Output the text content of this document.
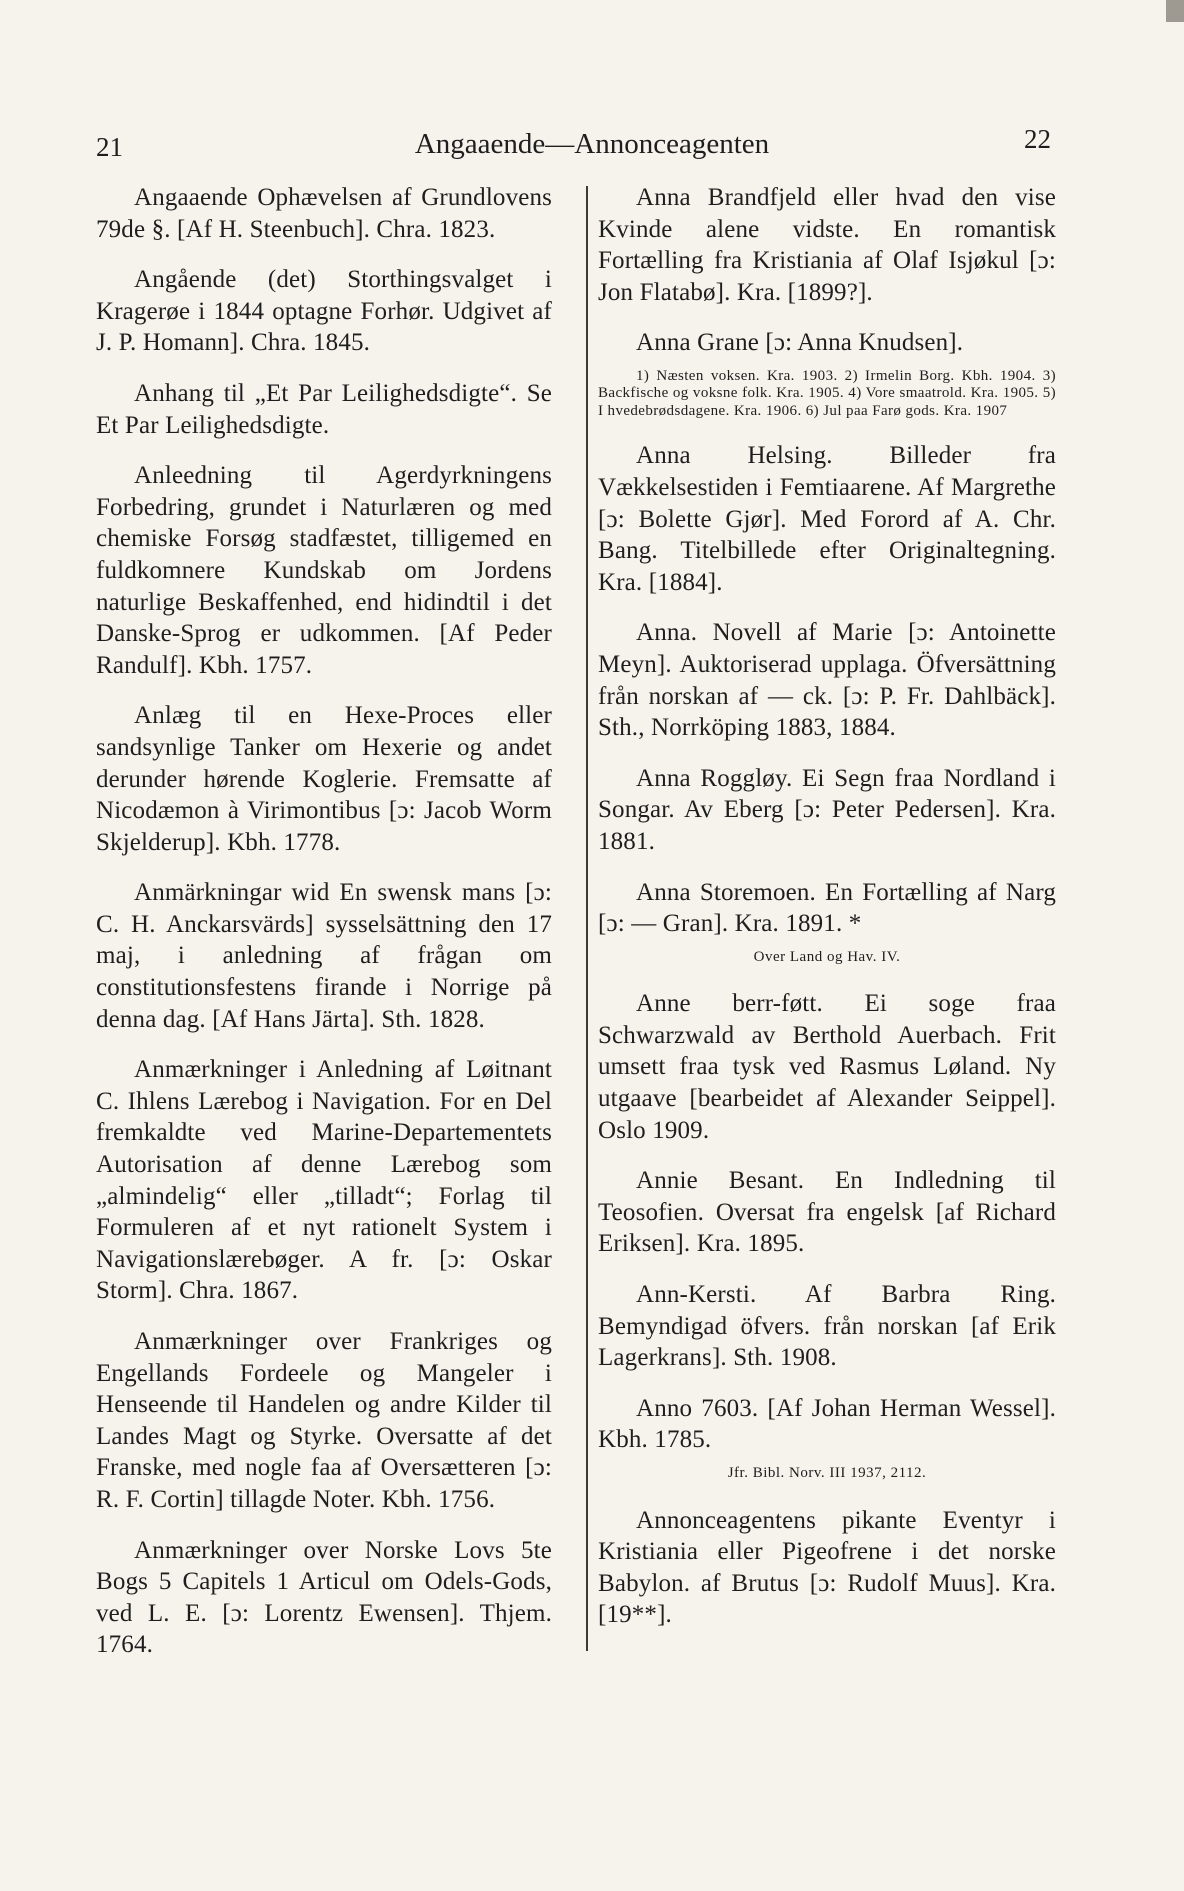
21	Angaaende—Annonceagenten	22

Angaaende Ophævelsen af Grundlovens 79de §. [Af H. Steenbuch]. Chra. 1823.

Angående (det) Storthingsvalget i Kragerøe i 1844 optagne Forhør. Udgivet af J. P. Homann]. Chra. 1845.

Anhang til „Et Par Leilighedsdigte“. Se Et Par Leilighedsdigte.

Anleedning til Agerdyrkningens Forbedring, grundet i Naturlæren og med chemiske Forsøg stadfæstet, tilligemed en fuldkomnere Kundskab om Jordens naturlige Beskaffenhed, end hidindtil i det Danske-Sprog er udkommen. [Af Peder Randulf]. Kbh. 1757.

Anlæg til en Hexe-Proces eller sandsynlige Tanker om Hexerie og andet derunder hørende Koglerie. Fremsatte af Nicodæmon à Virimontibus [ɔ: Jacob Worm Skjelderup]. Kbh. 1778.

Anmärkningar wid En swensk mans [ɔ: C. H. Anckarsvärds] sysselsättning den 17 maj, i anledning af frågan om constitutionsfestens firande i Norrige på denna dag. [Af Hans Järta]. Sth. 1828.

Anmærkninger i Anledning af Løitnant C. Ihlens Lærebog i Navigation. For en Del fremkaldte ved Marine-Departementets Autorisation af denne Lærebog som „almindelig“ eller „tilladt“; Forlag til Formuleren af et nyt rationelt System i Navigationslærebøger. A fr. [ɔ: Oskar Storm]. Chra. 1867.

Anmærkninger over Frankriges og Engellands Fordeele og Mangeler i Henseende til Handelen og andre Kilder til Landes Magt og Styrke. Oversatte af det Franske, med nogle faa af Oversætteren [ɔ: R. F. Cortin] tillagde Noter. Kbh. 1756.

Anmærkninger over Norske Lovs 5te Bogs 5 Capitels 1 Articul om Odels-Gods, ved L. E. [ɔ: Lorentz Ewensen]. Thjem. 1764.

Anna Brandfjeld eller hvad den vise Kvinde alene vidste. En romantisk Fortælling fra Kristiania af Olaf Isjøkul [ɔ: Jon Flatabø]. Kra. [1899?].

Anna Grane [ɔ: Anna Knudsen].

1) Næsten voksen. Kra. 1903. 2) Irmelin Borg. Kbh. 1904. 3) Backfische og voksne folk. Kra. 1905. 4) Vore smaatrold. Kra. 1905. 5) I hvedebrødsdagene. Kra. 1906. 6) Jul paa Farø gods. Kra. 1907

Anna Helsing. Billeder fra Vækkelsestiden i Femtiaarene. Af Margrethe [ɔ: Bolette Gjør]. Med Forord af A. Chr. Bang. Titelbillede efter Originaltegning. Kra. [1884].

Anna. Novell af Marie [ɔ: Antoinette Meyn]. Auktoriserad upplaga. Öfversättning från norskan af — ck. [ɔ: P. Fr. Dahlbäck]. Sth., Norrköping 1883, 1884.

Anna Roggløy. Ei Segn fraa Nordland i Songar. Av Eberg [ɔ: Peter Pedersen]. Kra. 1881.

Anna Storemoen. En Fortælling af Narg [ɔ: — Gran]. Kra. 1891. *

Over Land og Hav. IV.

Anne berr-føtt. Ei soge fraa Schwarzwald av Berthold Auerbach. Frit umsett fraa tysk ved Rasmus Løland. Ny utgaave [bearbeidet af Alexander Seippel]. Oslo 1909.

Annie Besant. En Indledning til Teosofien. Oversat fra engelsk [af Richard Eriksen]. Kra. 1895.

Ann-Kersti. Af Barbra Ring. Bemyndigad öfvers. från norskan [af Erik Lagerkrans]. Sth. 1908.

Anno 7603. [Af Johan Herman Wessel]. Kbh. 1785.

Jfr. Bibl. Norv. III 1937, 2112.

Annonceagentens pikante Eventyr i Kristiania eller Pigeofrene i det norske Babylon. af Brutus [ɔ: Rudolf Muus]. Kra. [19**].
